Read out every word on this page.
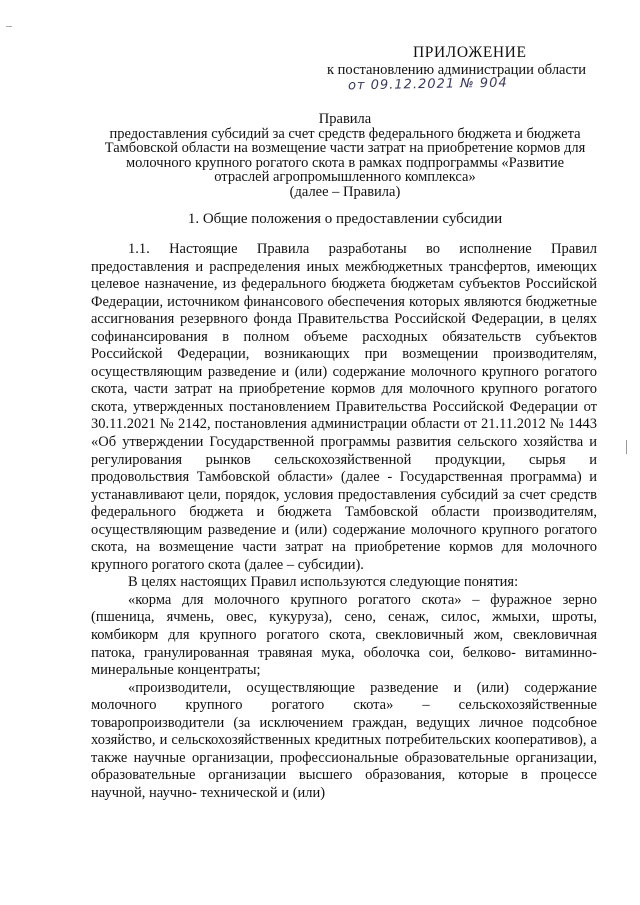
ПРИЛОЖЕНИЕ
к постановлению администрации области
от 09.12.2021 № 904
Правила
предоставления субсидий за счет средств федерального бюджета и бюджета
Тамбовской области на возмещение части затрат на приобретение кормов для
молочного крупного рогатого скота в рамках подпрограммы «Развитие
отраслей агропромышленного комплекса»
(далее – Правила)
1. Общие положения о предоставлении субсидии

1.1. Настоящие Правила разработаны во исполнение Правил предоставления и распределения иных межбюджетных трансфертов, имеющих целевое назначение, из федерального бюджета бюджетам субъектов Российской Федерации, источником финансового обеспечения которых являются бюджетные ассигнования резервного фонда Правительства Российской Федерации, в целях софинансирования в полном объеме расходных обязательств субъектов Российской Федерации, возникающих при возмещении производителям, осуществляющим разведение и (или) содержание молочного крупного рогатого скота, части затрат на приобретение кормов для молочного крупного рогатого скота, утвержденных постановлением Правительства Российской Федерации от 30.11.2021 № 2142, постановления администрации области от 21.11.2012 № 1443 «Об утверждении Государственной программы развития сельского хозяйства и регулирования рынков сельскохозяйственной продукции, сырья и продовольствия Тамбовской области» (далее - Государственная программа) и устанавливают цели, порядок, условия предоставления субсидий за счет средств федерального бюджета и бюджета Тамбовской области производителям, осуществляющим разведение и (или) содержание молочного крупного рогатого скота, на возмещение части затрат на приобретение кормов для молочного крупного рогатого скота (далее – субсидии).

В целях настоящих Правил используются следующие понятия:

«корма для молочного крупного рогатого скота» – фуражное зерно (пшеница, ячмень, овес, кукуруза), сено, сенаж, силос, жмыхи, шроты, комбикорм для крупного рогатого скота, свекловичный жом, свекловичная патока, гранулированная травяная мука, оболочка сои, белково- витаминно-минеральные концентраты;

«производители, осуществляющие разведение и (или) содержание молочного крупного рогатого скота» – сельскохозяйственные товаропроизводители (за исключением граждан, ведущих личное подсобное хозяйство, и сельскохозяйственных кредитных потребительских кооперативов), а также научные организации, профессиональные образовательные организации, образовательные организации высшего образования, которые в процессе научной, научно- технической и (или)
